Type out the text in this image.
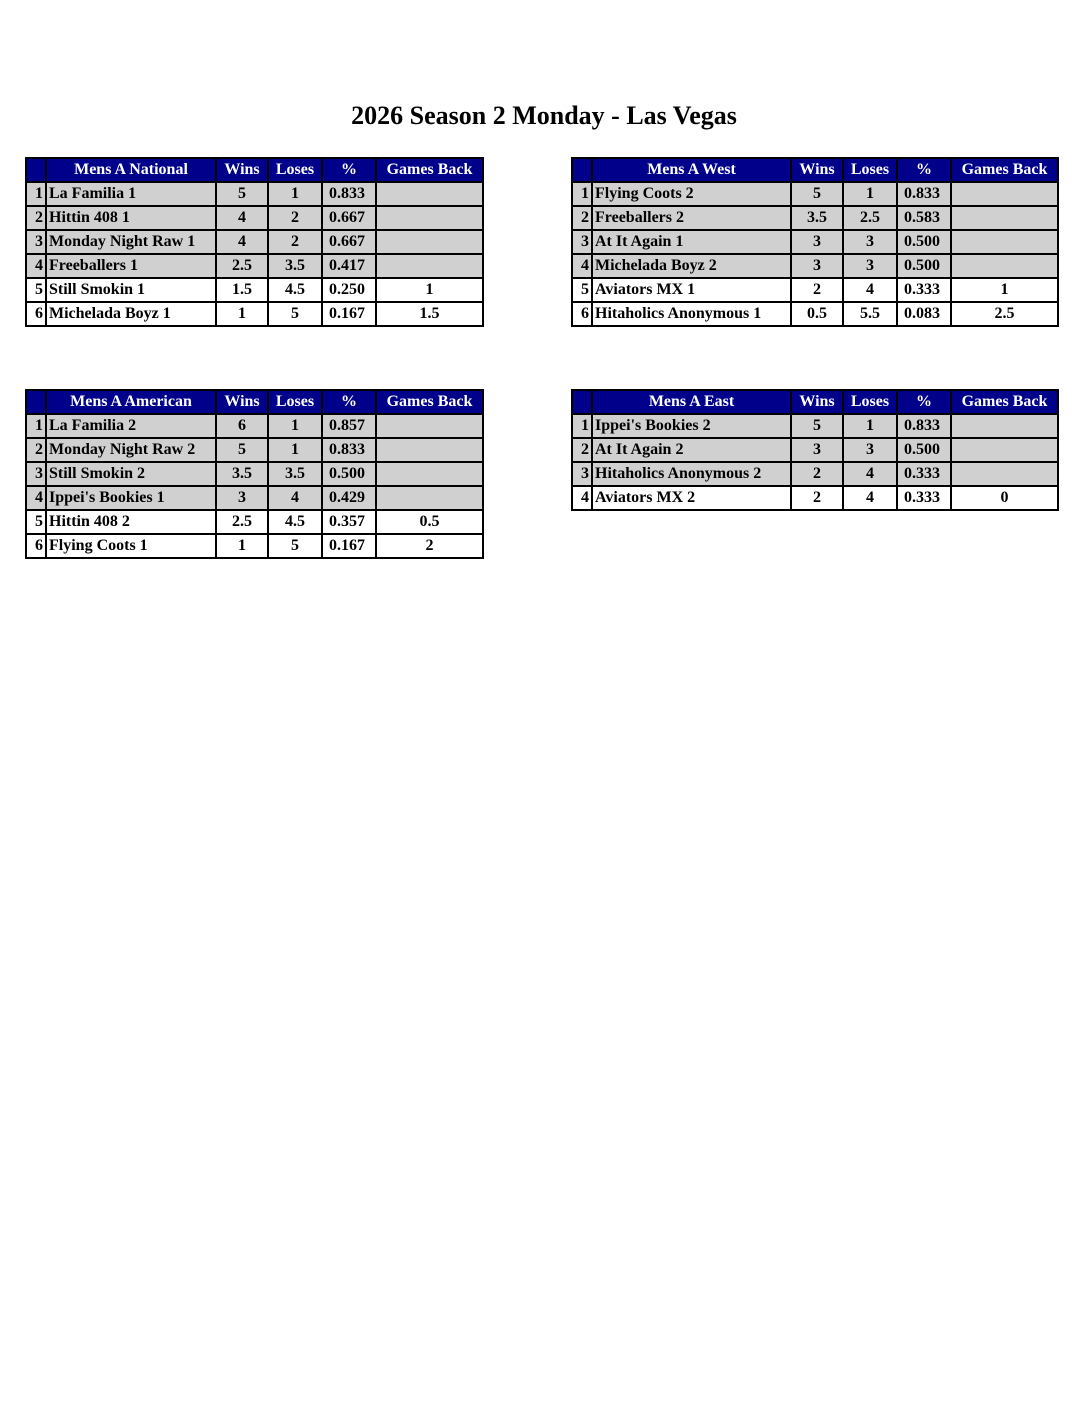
2026 Season 2 Monday - Las Vegas
	Mens A National	Wins	Loses	%	Games Back
1	La Familia 1	5	1	0.833	
2	Hittin 408 1	4	2	0.667	
3	Monday Night Raw 1	4	2	0.667	
4	Freeballers 1	2.5	3.5	0.417	
5	Still Smokin 1	1.5	4.5	0.250	1
6	Michelada Boyz 1	1	5	0.167	1.5
	Mens A West	Wins	Loses	%	Games Back
1	Flying Coots 2	5	1	0.833	
2	Freeballers 2	3.5	2.5	0.583	
3	At It Again 1	3	3	0.500	
4	Michelada Boyz 2	3	3	0.500	
5	Aviators MX 1	2	4	0.333	1
6	Hitaholics Anonymous 1	0.5	5.5	0.083	2.5
	Mens A American	Wins	Loses	%	Games Back
1	La Familia 2	6	1	0.857	
2	Monday Night Raw 2	5	1	0.833	
3	Still Smokin 2	3.5	3.5	0.500	
4	Ippei's Bookies 1	3	4	0.429	
5	Hittin 408 2	2.5	4.5	0.357	0.5
6	Flying Coots 1	1	5	0.167	2
	Mens A East	Wins	Loses	%	Games Back
1	Ippei's Bookies 2	5	1	0.833	
2	At It Again 2	3	3	0.500	
3	Hitaholics Anonymous 2	2	4	0.333	
4	Aviators MX 2	2	4	0.333	0
